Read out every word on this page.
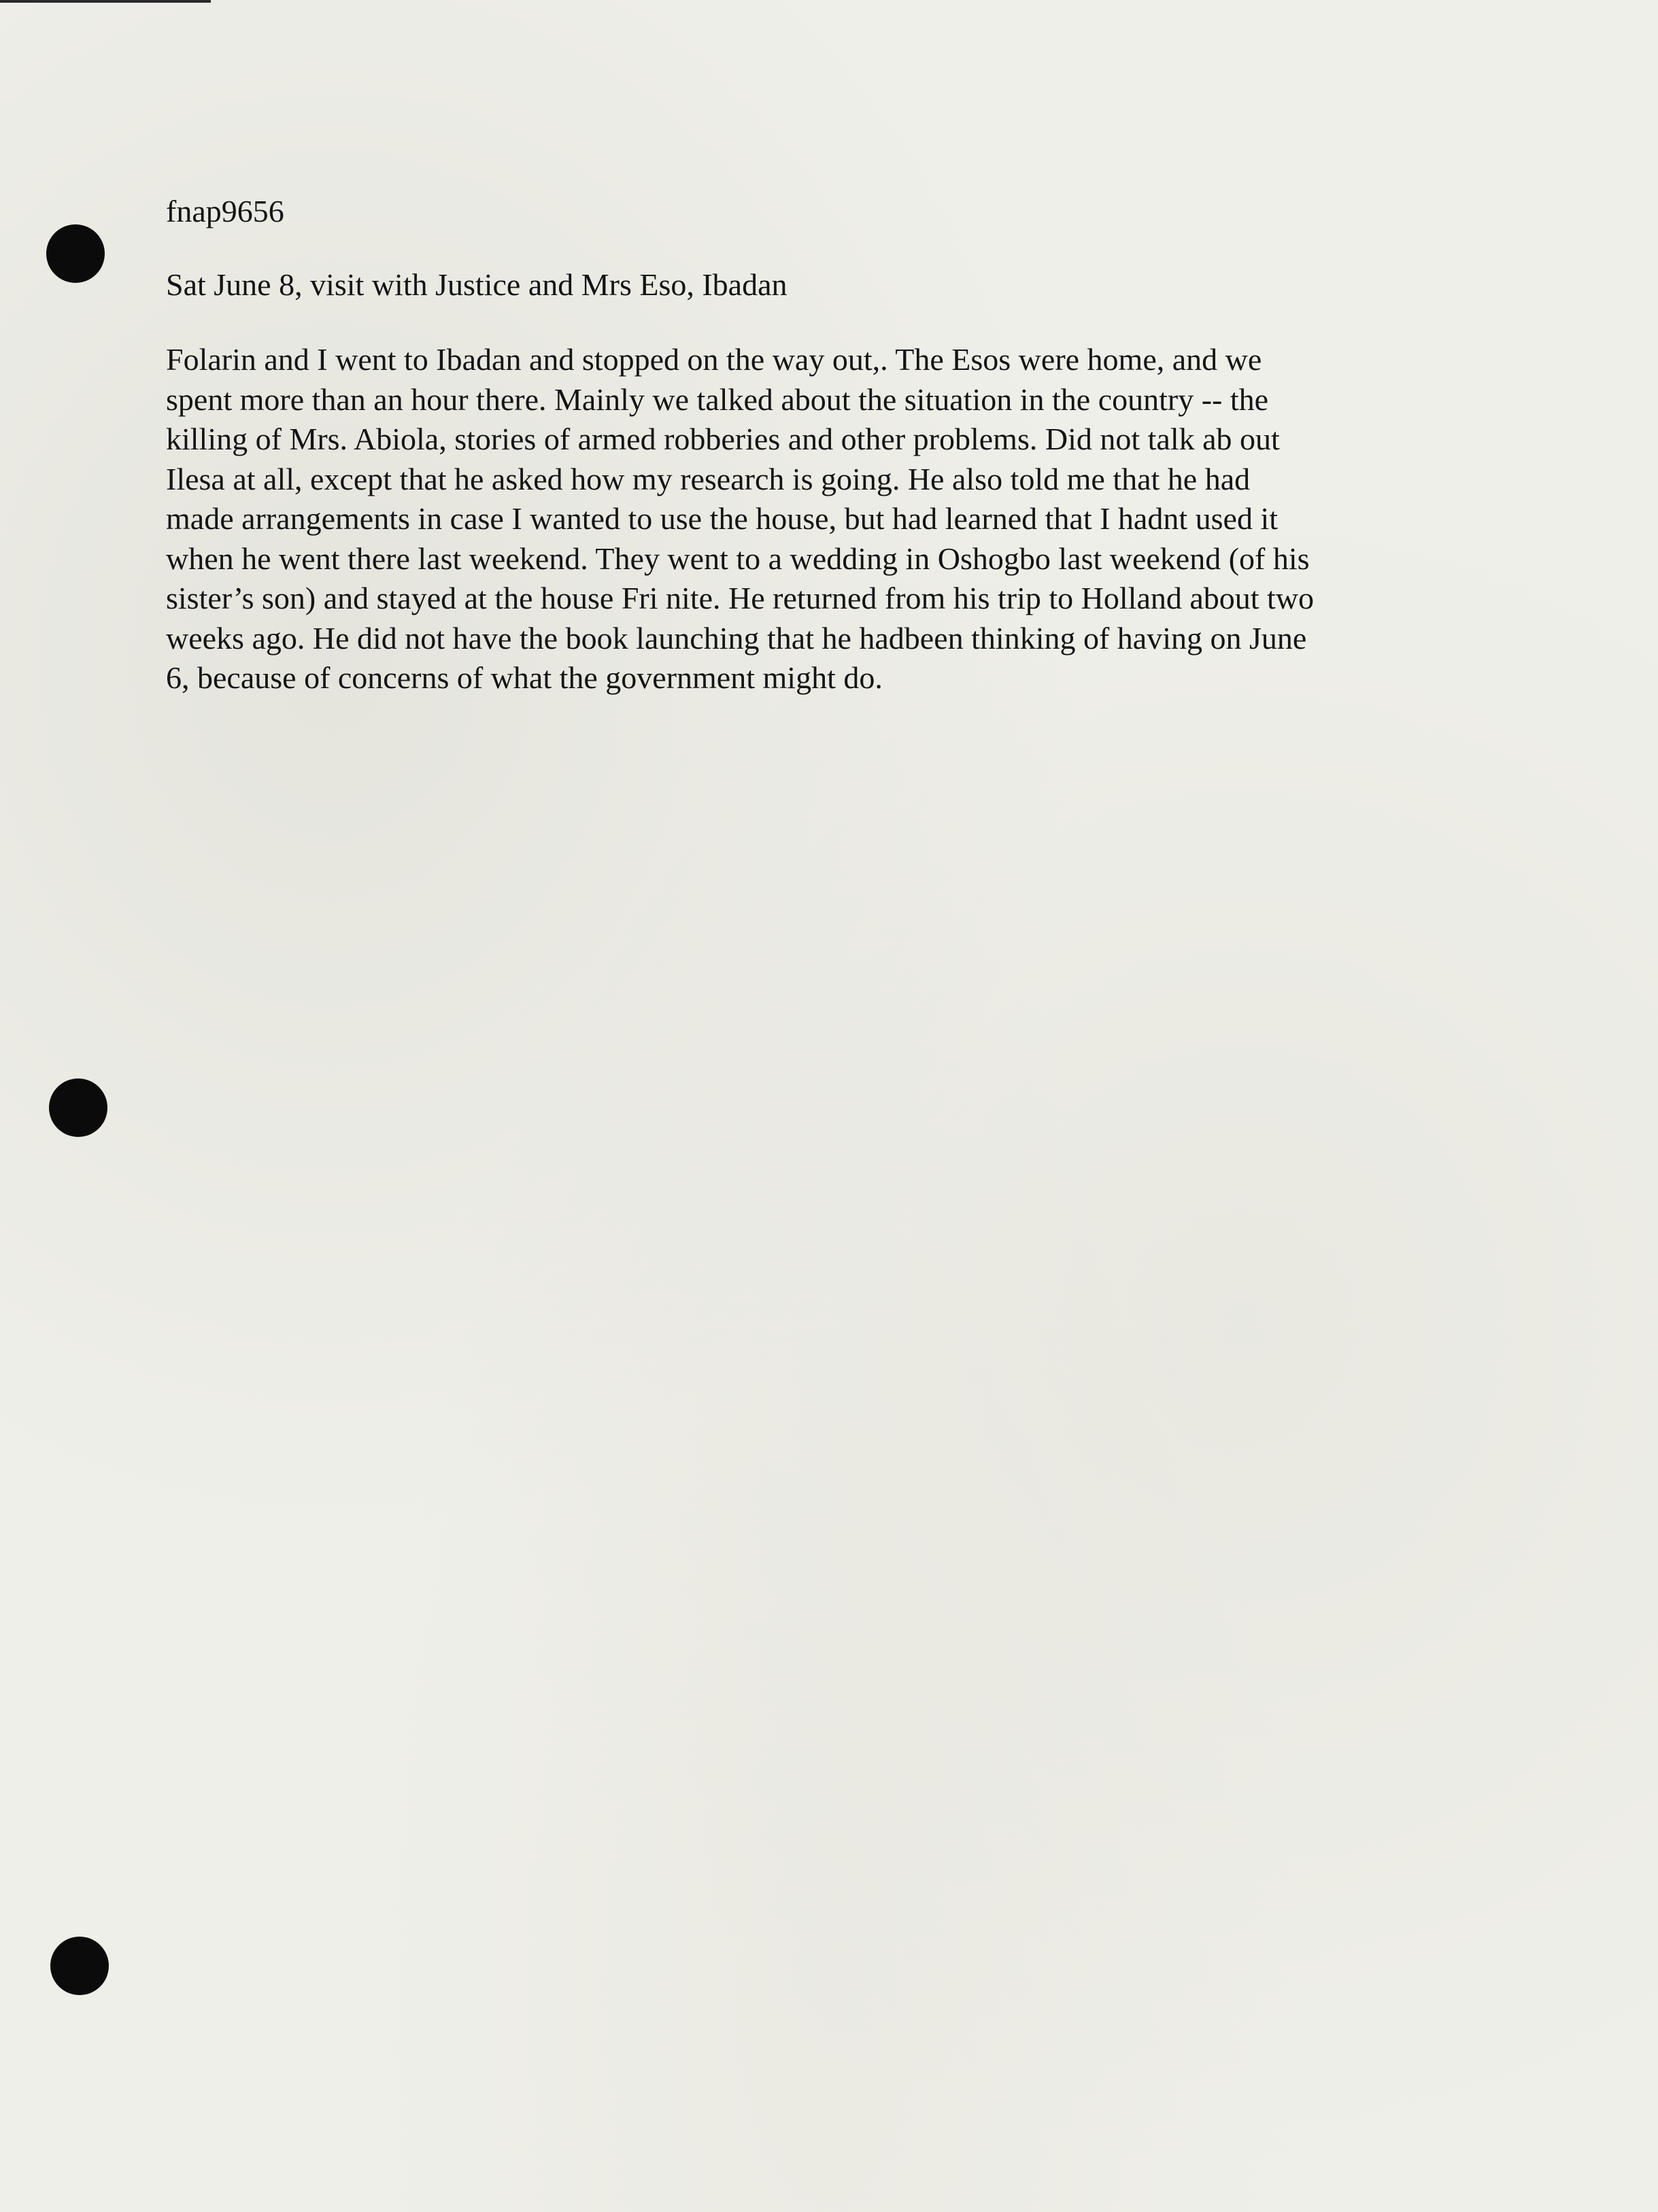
fnap9656
Sat June 8, visit with Justice and Mrs Eso, Ibadan

Folarin and I went to Ibadan and stopped on the way out,. The Esos were home, and we

spent more than an hour there. Mainly we talked about the situation in the country -- the

killing of Mrs. Abiola, stories of armed robberies and other problems. Did not talk ab out

Ilesa at all, except that he asked how my research is going. He also told me that he had

made arrangements in case I wanted to use the house, but had learned that I hadnt used it

when he went there last weekend. They went to a wedding in Oshogbo last weekend (of his

sister’s son) and stayed at the house Fri nite. He returned from his trip to Holland about two

weeks ago. He did not have the book launching that he hadbeen thinking of having on June

6, because of concerns of what the government might do.
